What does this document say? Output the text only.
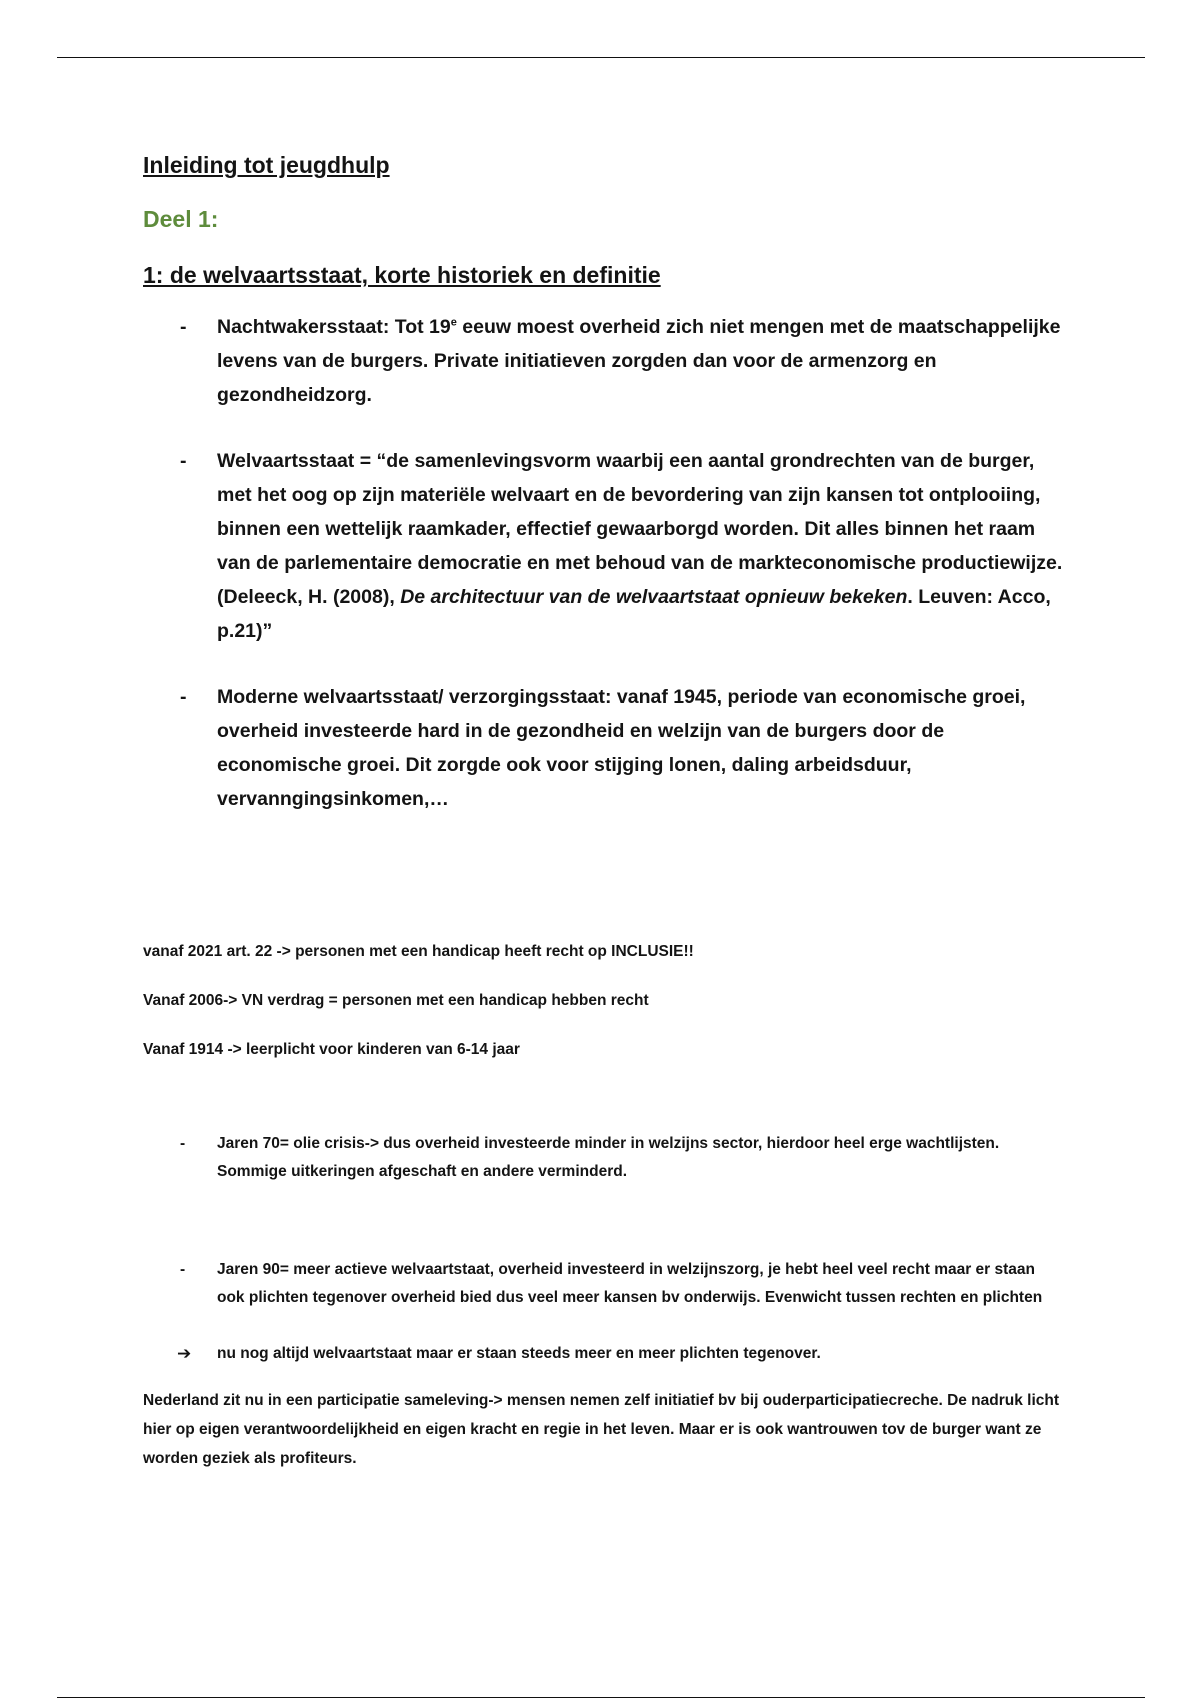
Inleiding tot jeugdhulp
Deel 1:
1: de welvaartsstaat, korte historiek en definitie
- Nachtwakersstaat: Tot 19e eeuw moest overheid zich niet mengen met de maatschappelijke levens van de burgers. Private initiatieven zorgden dan voor de armenzorg en gezondheidzorg.
- Welvaartsstaat = “de samenlevingsvorm waarbij een aantal grondrechten van de burger, met het oog op zijn materiële welvaart en de bevordering van zijn kansen tot ontplooiing, binnen een wettelijk raamkader, effectief gewaarborgd worden. Dit alles binnen het raam van de parlementaire democratie en met behoud van de markteconomische productiewijze. (Deleeck, H. (2008), De architectuur van de welvaartstaat opnieuw bekeken. Leuven: Acco, p.21)”
- Moderne welvaartsstaat/ verzorgingsstaat: vanaf 1945, periode van economische groei, overheid investeerde hard in de gezondheid en welzijn van de burgers door de economische groei. Dit zorgde ook voor stijging lonen, daling arbeidsduur, vervanngingsinkomen,…

vanaf 2021 art. 22 -> personen met een handicap heeft recht op INCLUSIE!!

Vanaf 2006-> VN verdrag = personen met een handicap hebben recht

Vanaf 1914 -> leerplicht voor kinderen van 6-14 jaar

- Jaren 70= olie crisis-> dus overheid investeerde minder in welzijns sector, hierdoor heel erge wachtlijsten. Sommige uitkeringen afgeschaft en andere verminderd.
- Jaren 90= meer actieve welvaartstaat, overheid investeerd in welzijnszorg, je hebt heel veel recht maar er staan ook plichten tegenover overheid bied dus veel meer kansen bv onderwijs. Evenwicht tussen rechten en plichten
➔ nu nog altijd welvaartstaat maar er staan steeds meer en meer plichten tegenover.

Nederland zit nu in een participatie sameleving-> mensen nemen zelf initiatief bv bij ouderparticipatiecreche. De nadruk licht hier op eigen verantwoordelijkheid en eigen kracht en regie in het leven. Maar er is ook wantrouwen tov de burger want ze worden geziek als profiteurs.
